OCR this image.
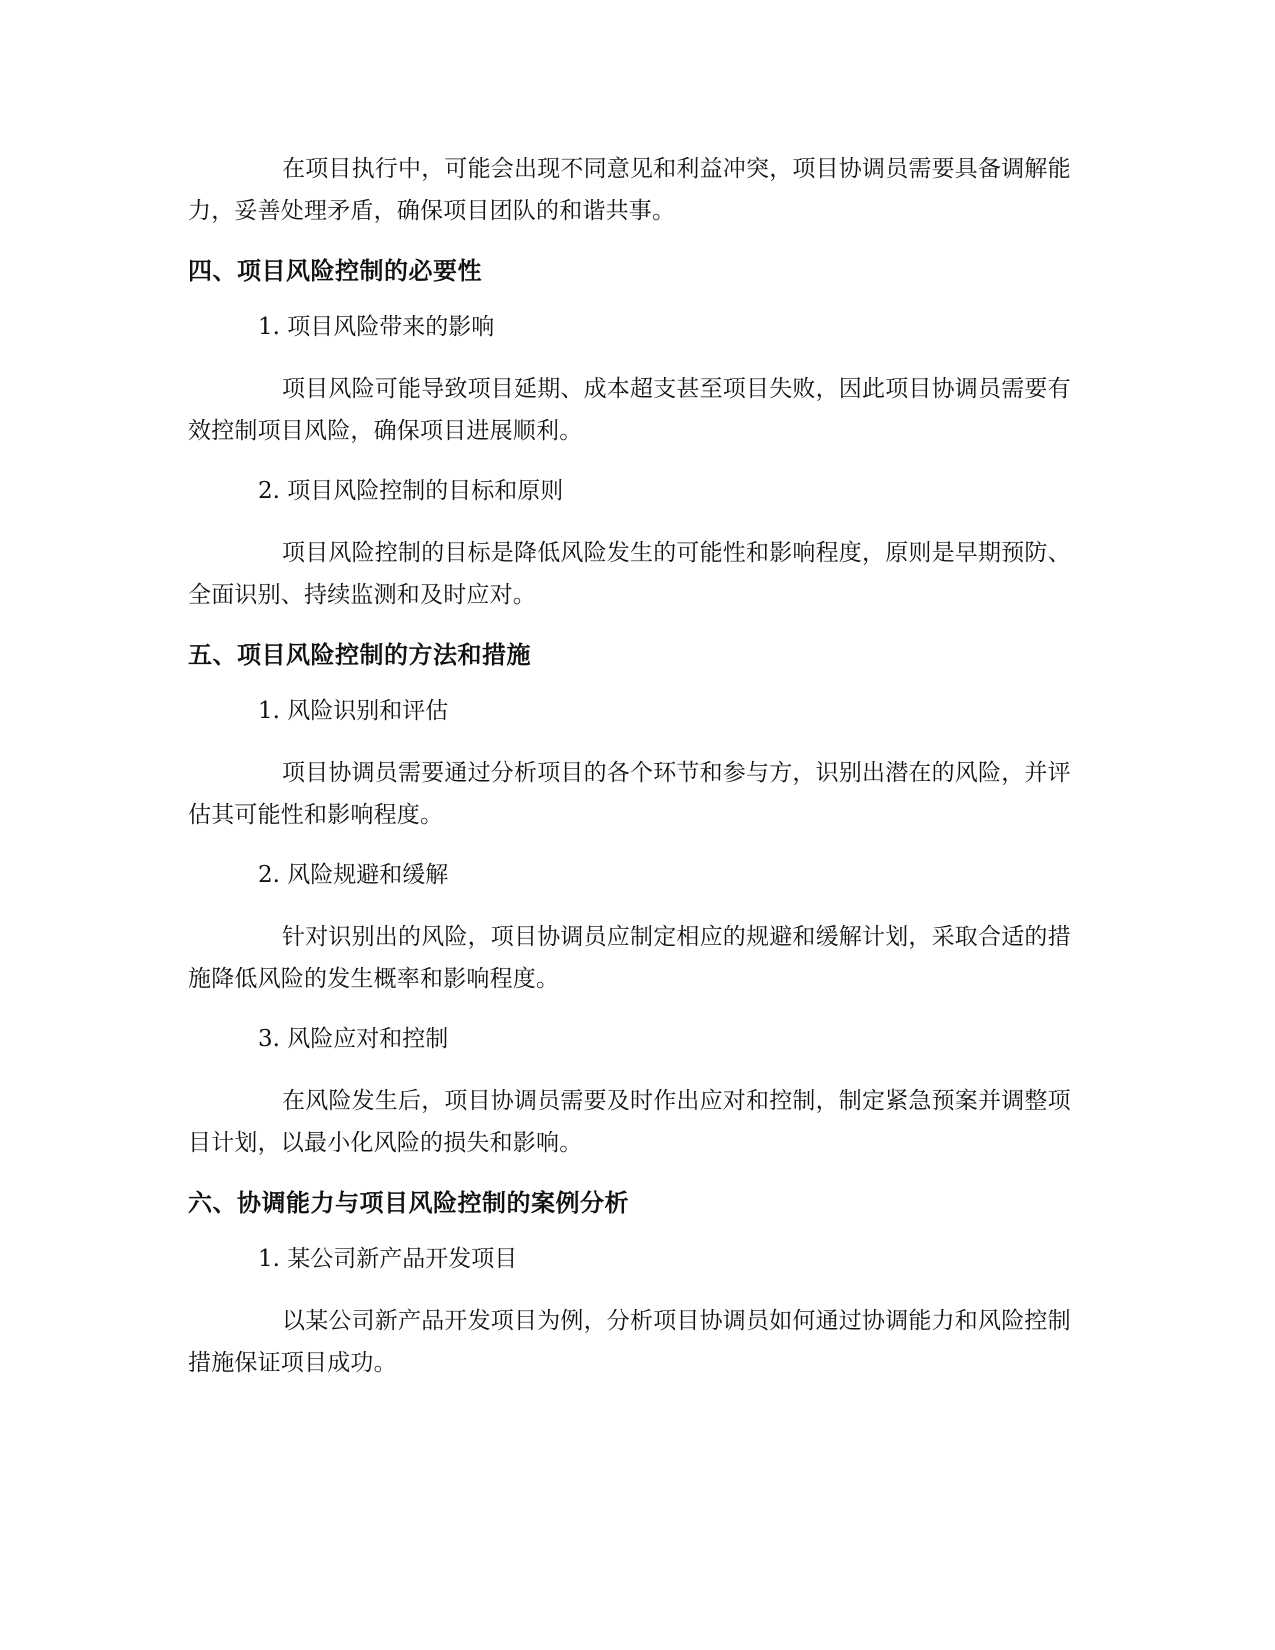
在项目执行中，可能会出现不同意见和利益冲突，项目协调员需要具备调解能力，妥善处理矛盾，确保项目团队的和谐共事。

四、项目风险控制的必要性
1. 项目风险带来的影响

项目风险可能导致项目延期、成本超支甚至项目失败，因此项目协调员需要有效控制项目风险，确保项目进展顺利。

2. 项目风险控制的目标和原则

项目风险控制的目标是降低风险发生的可能性和影响程度，原则是早期预防、全面识别、持续监测和及时应对。

五、项目风险控制的方法和措施
1. 风险识别和评估

项目协调员需要通过分析项目的各个环节和参与方，识别出潜在的风险，并评估其可能性和影响程度。

2. 风险规避和缓解

针对识别出的风险，项目协调员应制定相应的规避和缓解计划，采取合适的措施降低风险的发生概率和影响程度。

3. 风险应对和控制

在风险发生后，项目协调员需要及时作出应对和控制，制定紧急预案并调整项目计划，以最小化风险的损失和影响。

六、协调能力与项目风险控制的案例分析
1. 某公司新产品开发项目

以某公司新产品开发项目为例，分析项目协调员如何通过协调能力和风险控制措施保证项目成功。
